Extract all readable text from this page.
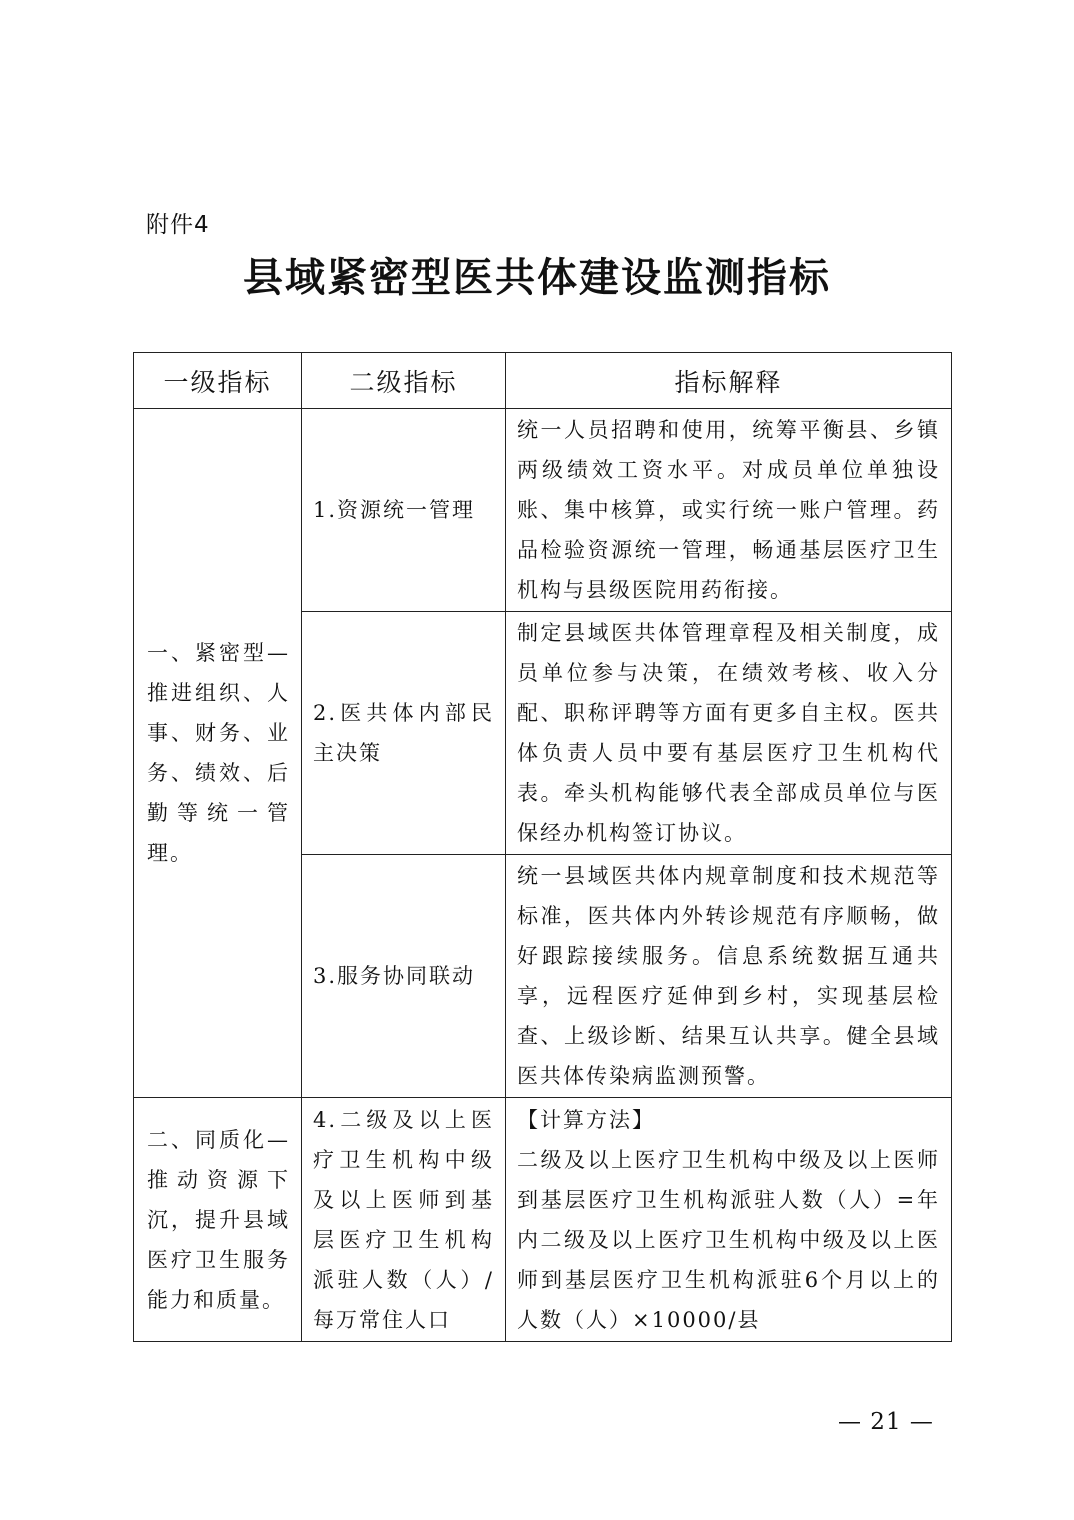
附件4
县域紧密型医共体建设监测指标
一级指标	二级指标	指标解释

一、紧密型—推进组织、人事、财务、业务、绩效、后勤等统一管理。	1.资源统一管理	统一人员招聘和使用，统筹平衡县、乡镇两级绩效工资水平。对成员单位单独设账、集中核算，或实行统一账户管理。药品检验资源统一管理，畅通基层医疗卫生机构与县级医院用药衔接。

	2.医共体内部民主决策	制定县域医共体管理章程及相关制度，成员单位参与决策，在绩效考核、收入分配、职称评聘等方面有更多自主权。医共体负责人员中要有基层医疗卫生机构代表。牵头机构能够代表全部成员单位与医保经办机构签订协议。

	3.服务协同联动	统一县域医共体内规章制度和技术规范等标准，医共体内外转诊规范有序顺畅，做好跟踪接续服务。信息系统数据互通共享，远程医疗延伸到乡村，实现基层检查、上级诊断、结果互认共享。健全县域医共体传染病监测预警。

二、同质化—推动资源下沉，提升县域医疗卫生服务能力和质量。	4.二级及以上医疗卫生机构中级及以上医师到基层医疗卫生机构派驻人数（人）/每万常住人口	【计算方法】
二级及以上医疗卫生机构中级及以上医师到基层医疗卫生机构派驻人数（人）=年内二级及以上医疗卫生机构中级及以上医师到基层医疗卫生机构派驻6个月以上的人数（人）×10000/县
— 21 —
